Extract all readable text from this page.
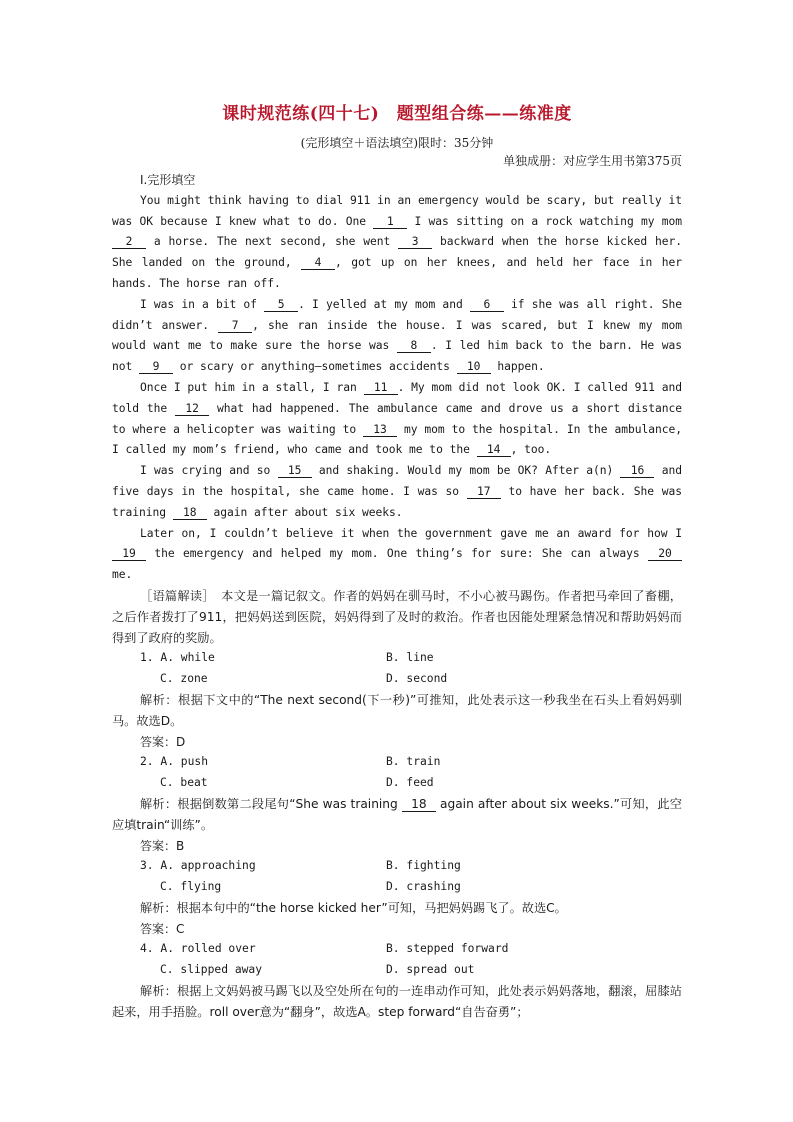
课时规范练(四十七)　题型组合练——练准度
(完形填空＋语法填空)限时：35分钟
单独成册：对应学生用书第375页
Ⅰ.完形填空

You might think having to dial 911 in an emergency would be scary, but really it was OK because I knew what to do. One 1 I was sitting on a rock watching my mom 2 a horse. The next second, she went 3 backward when the horse kicked her. She landed on the ground, 4 , got up on her knees, and held her face in her hands. The horse ran off.

I was in a bit of 5 . I yelled at my mom and 6 if she was all right. She didn’t answer. 7 , she ran inside the house. I was scared, but I knew my mom would want me to make sure the horse was 8 . I led him back to the barn. He was not 9 or scary or anything—sometimes accidents 10 happen.

Once I put him in a stall, I ran 11 . My mom did not look OK. I called 911 and told the 12 what had happened. The ambulance came and drove us a short distance to where a helicopter was waiting to 13 my mom to the hospital. In the ambulance, I called my mom’s friend, who came and took me to the 14 , too.

I was crying and so 15 and shaking. Would my mom be OK? After a(n) 16 and five days in the hospital, she came home. I was so 17 to have her back. She was training 18 again after about six weeks.

Later on, I couldn’t believe it when the government gave me an award for how I 19 the emergency and helped my mom. One thing’s for sure: She can always 20 me.

［语篇解读］　本文是一篇记叙文。作者的妈妈在驯马时，不小心被马踢伤。作者把马牵回了畜棚，之后作者拨打了911，把妈妈送到医院，妈妈得到了及时的救治。作者也因能处理紧急情况和帮助妈妈而得到了政府的奖励。

1. A. while	B. line
C. zone	D. second

解析：根据下文中的“The next second(下一秒)”可推知，此处表示这一秒我坐在石头上看妈妈驯马。故选D。

答案：D
2. A. push	B. train
C. beat	D. feed

解析：根据倒数第二段尾句“She was training 18 again after about six weeks.”可知，此空应填train“训练”。

答案：B
3. A. approaching	B. fighting
C. flying	D. crashing

解析：根据本句中的“the horse kicked her”可知，马把妈妈踢飞了。故选C。

答案：C
4. A. rolled over	B. stepped forward
C. slipped away	D. spread out

解析：根据上文妈妈被马踢飞以及空处所在句的一连串动作可知，此处表示妈妈落地，翻滚，屈膝站起来，用手捂脸。roll over意为“翻身”，故选A。step forward“自告奋勇”；
